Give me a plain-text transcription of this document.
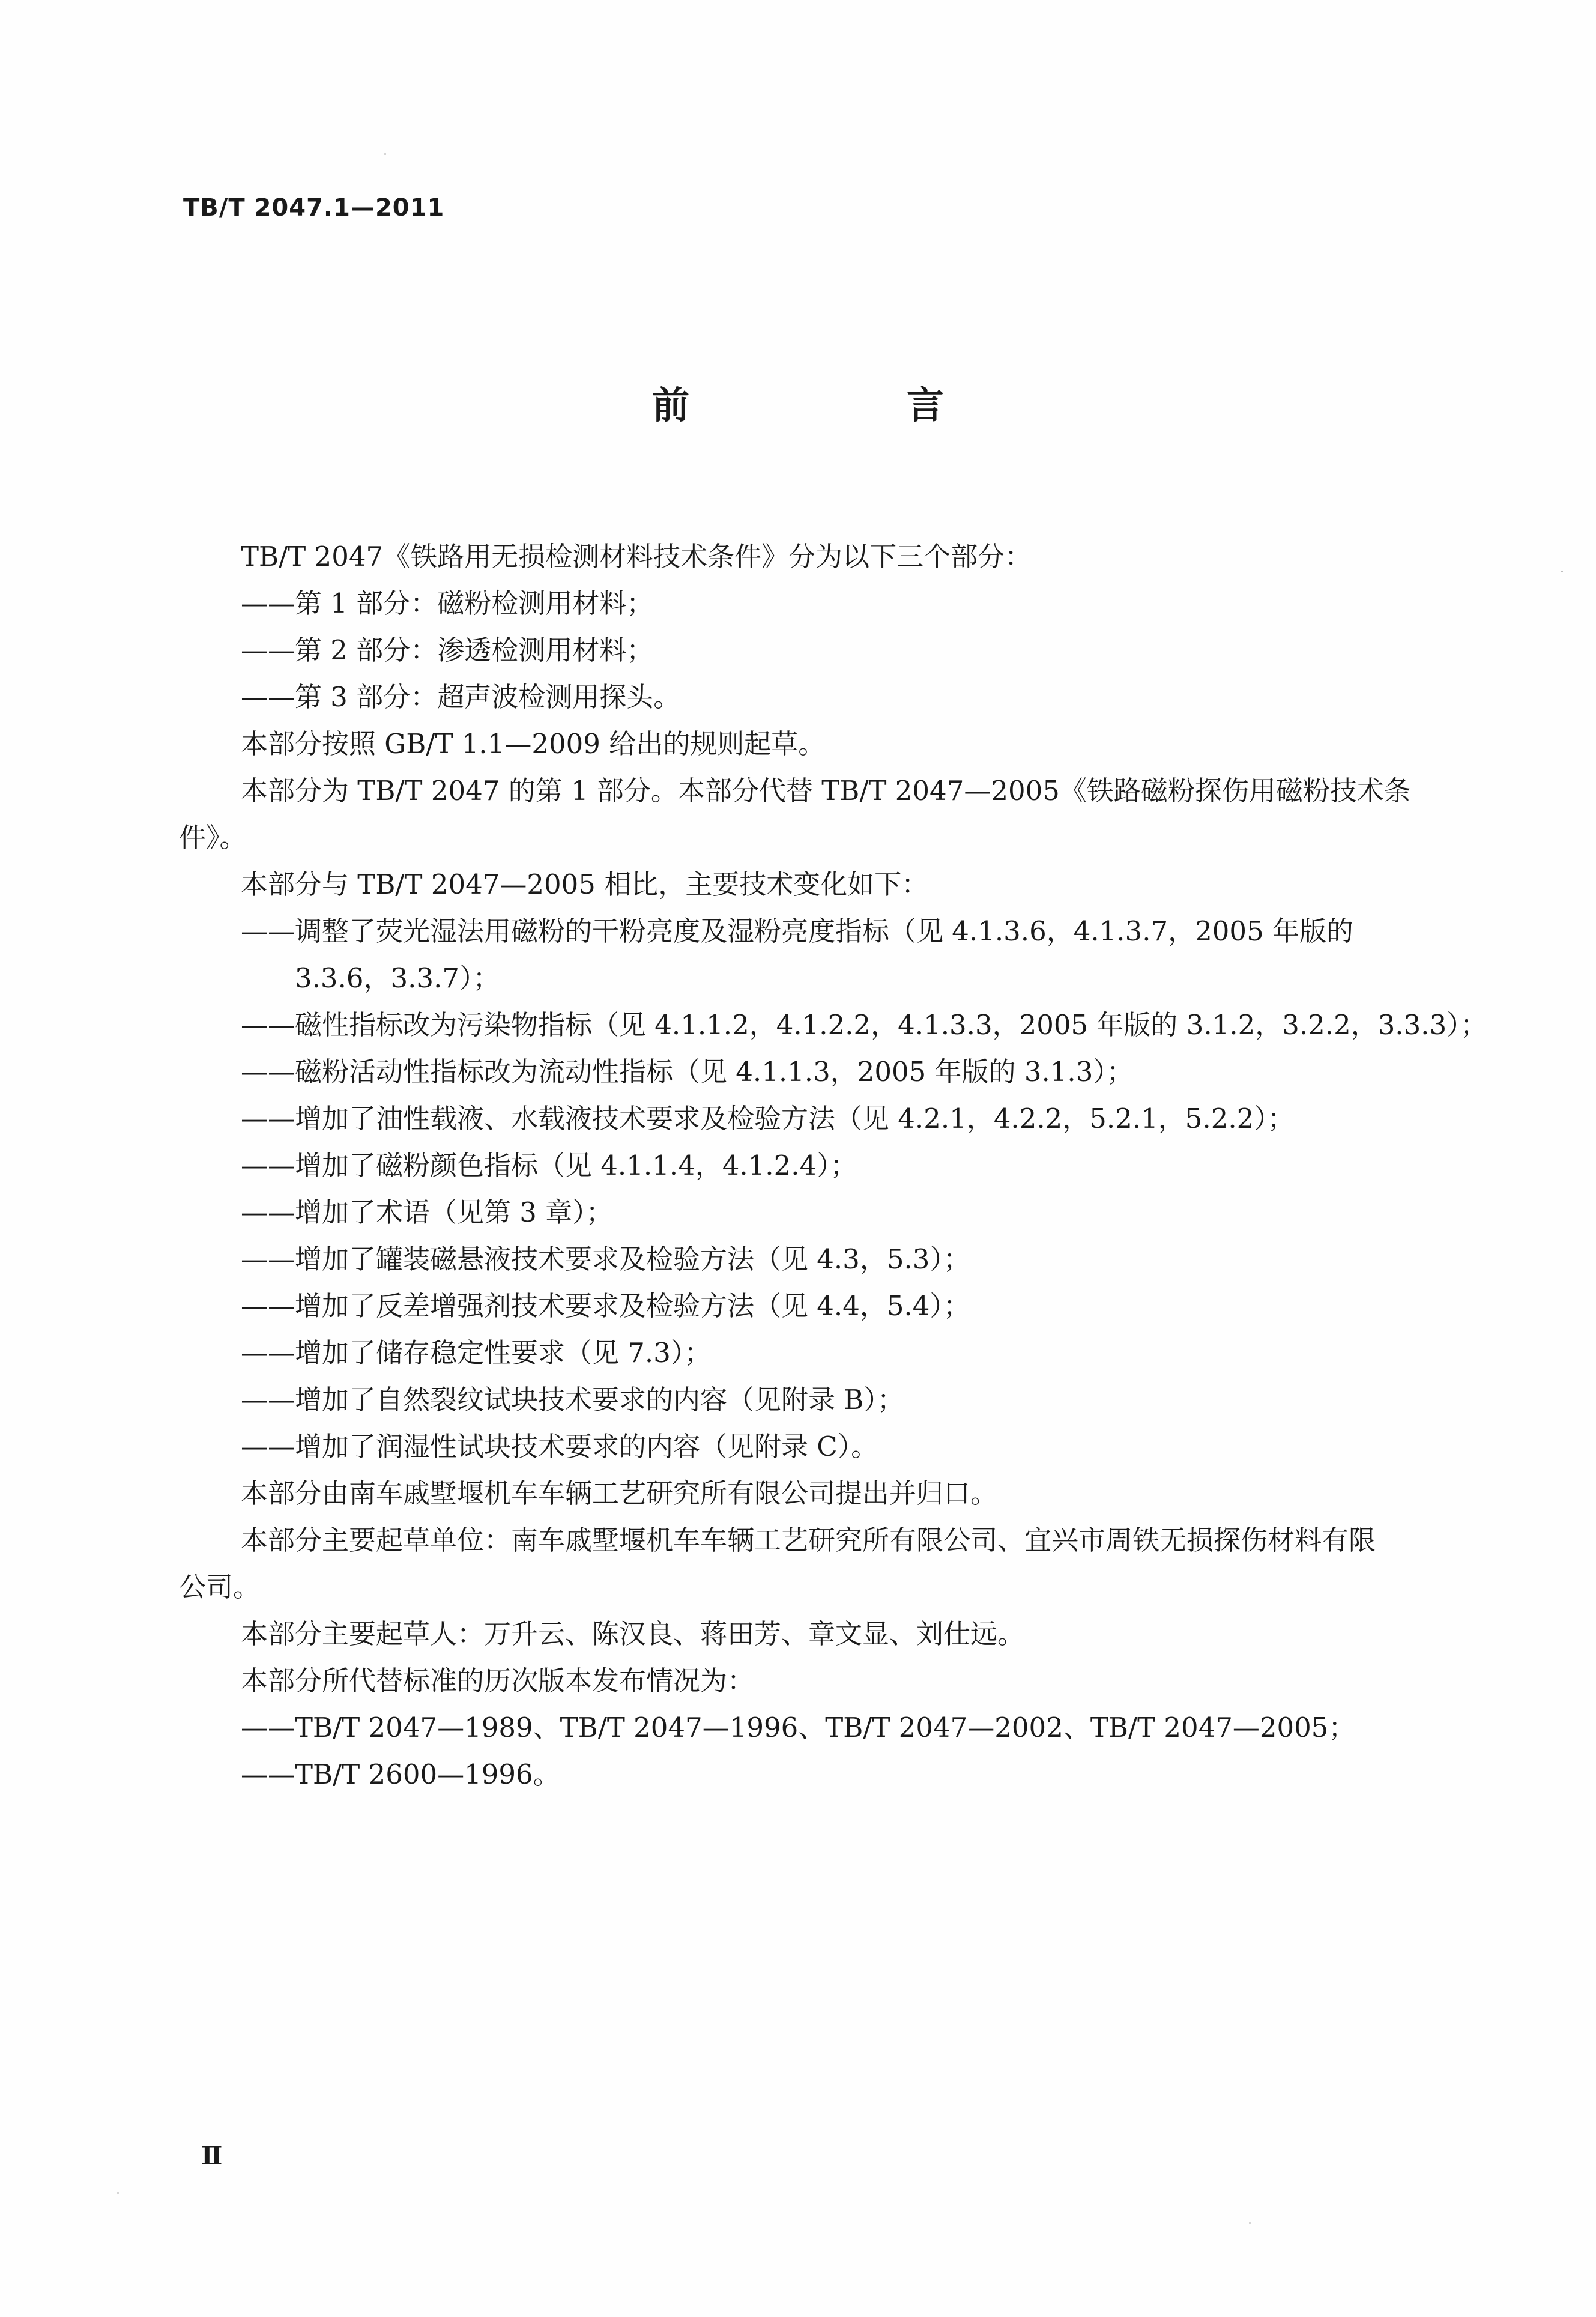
TB/T 2047.1—2011
前　言
TB/T 2047《铁路用无损检测材料技术条件》分为以下三个部分：
——第 1 部分：磁粉检测用材料；
——第 2 部分：渗透检测用材料；
——第 3 部分：超声波检测用探头。
本部分按照 GB/T 1.1—2009 给出的规则起草。
本部分为 TB/T 2047 的第 1 部分。本部分代替 TB/T 2047—2005《铁路磁粉探伤用磁粉技术条
件》。
本部分与 TB/T 2047—2005 相比，主要技术变化如下：
——调整了荧光湿法用磁粉的干粉亮度及湿粉亮度指标（见 4.1.3.6，4.1.3.7，2005 年版的
3.3.6，3.3.7）；
——磁性指标改为污染物指标（见 4.1.1.2，4.1.2.2，4.1.3.3，2005 年版的 3.1.2，3.2.2，3.3.3）；
——磁粉活动性指标改为流动性指标（见 4.1.1.3，2005 年版的 3.1.3）；
——增加了油性载液、水载液技术要求及检验方法（见 4.2.1，4.2.2，5.2.1，5.2.2）；
——增加了磁粉颜色指标（见 4.1.1.4，4.1.2.4）；
——增加了术语（见第 3 章）；
——增加了罐装磁悬液技术要求及检验方法（见 4.3，5.3）；
——增加了反差增强剂技术要求及检验方法（见 4.4，5.4）；
——增加了储存稳定性要求（见 7.3）；
——增加了自然裂纹试块技术要求的内容（见附录 B）；
——增加了润湿性试块技术要求的内容（见附录 C）。
本部分由南车戚墅堰机车车辆工艺研究所有限公司提出并归口。
本部分主要起草单位：南车戚墅堰机车车辆工艺研究所有限公司、宜兴市周铁无损探伤材料有限
公司。
本部分主要起草人：万升云、陈汉良、蒋田芳、章文显、刘仕远。
本部分所代替标准的历次版本发布情况为：
——TB/T 2047—1989、TB/T 2047—1996、TB/T 2047—2002、TB/T 2047—2005；
——TB/T 2600—1996。
Ⅱ
